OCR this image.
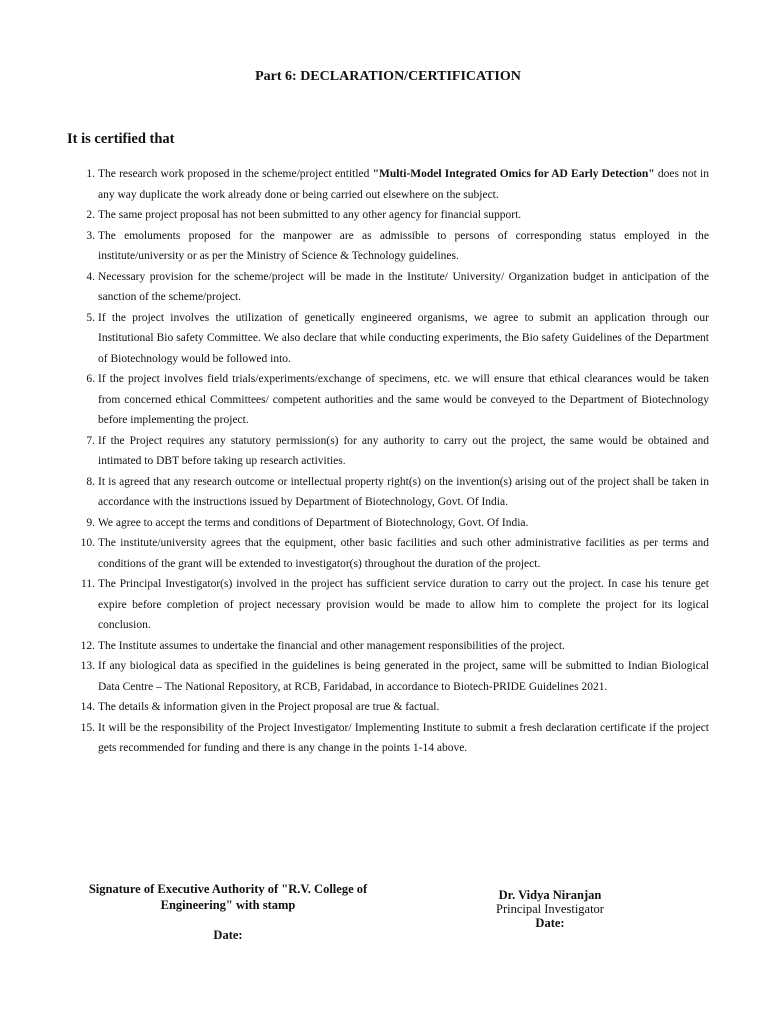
Part 6: DECLARATION/CERTIFICATION
It is certified that
1. The research work proposed in the scheme/project entitled "Multi-Model Integrated Omics for AD Early Detection" does not in any way duplicate the work already done or being carried out elsewhere on the subject.
2. The same project proposal has not been submitted to any other agency for financial support.
3. The emoluments proposed for the manpower are as admissible to persons of corresponding status employed in the institute/university or as per the Ministry of Science & Technology guidelines.
4. Necessary provision for the scheme/project will be made in the Institute/ University/ Organization budget in anticipation of the sanction of the scheme/project.
5. If the project involves the utilization of genetically engineered organisms, we agree to submit an application through our Institutional Bio safety Committee. We also declare that while conducting experiments, the Bio safety Guidelines of the Department of Biotechnology would be followed into.
6. If the project involves field trials/experiments/exchange of specimens, etc. we will ensure that ethical clearances would be taken from concerned ethical Committees/ competent authorities and the same would be conveyed to the Department of Biotechnology before implementing the project.
7. If the Project requires any statutory permission(s) for any authority to carry out the project, the same would be obtained and intimated to DBT before taking up research activities.
8. It is agreed that any research outcome or intellectual property right(s) on the invention(s) arising out of the project shall be taken in accordance with the instructions issued by Department of Biotechnology, Govt. Of India.
9. We agree to accept the terms and conditions of Department of Biotechnology, Govt. Of India.
10. The institute/university agrees that the equipment, other basic facilities and such other administrative facilities as per terms and conditions of the grant will be extended to investigator(s) throughout the duration of the project.
11. The Principal Investigator(s) involved in the project has sufficient service duration to carry out the project. In case his tenure get expire before completion of project necessary provision would be made to allow him to complete the project for its logical conclusion.
12. The Institute assumes to undertake the financial and other management responsibilities of the project.
13. If any biological data as specified in the guidelines is being generated in the project, same will be submitted to Indian Biological Data Centre – The National Repository, at RCB, Faridabad, in accordance to Biotech-PRIDE Guidelines 2021.
14. The details & information given in the Project proposal are true & factual.
15. It will be the responsibility of the Project Investigator/ Implementing Institute to submit a fresh declaration certificate if the project gets recommended for funding and there is any change in the points 1-14 above.
Signature of Executive Authority of "R.V. College of
Engineering" with stamp
Date:
Dr. Vidya Niranjan
Principal Investigator
Date:
